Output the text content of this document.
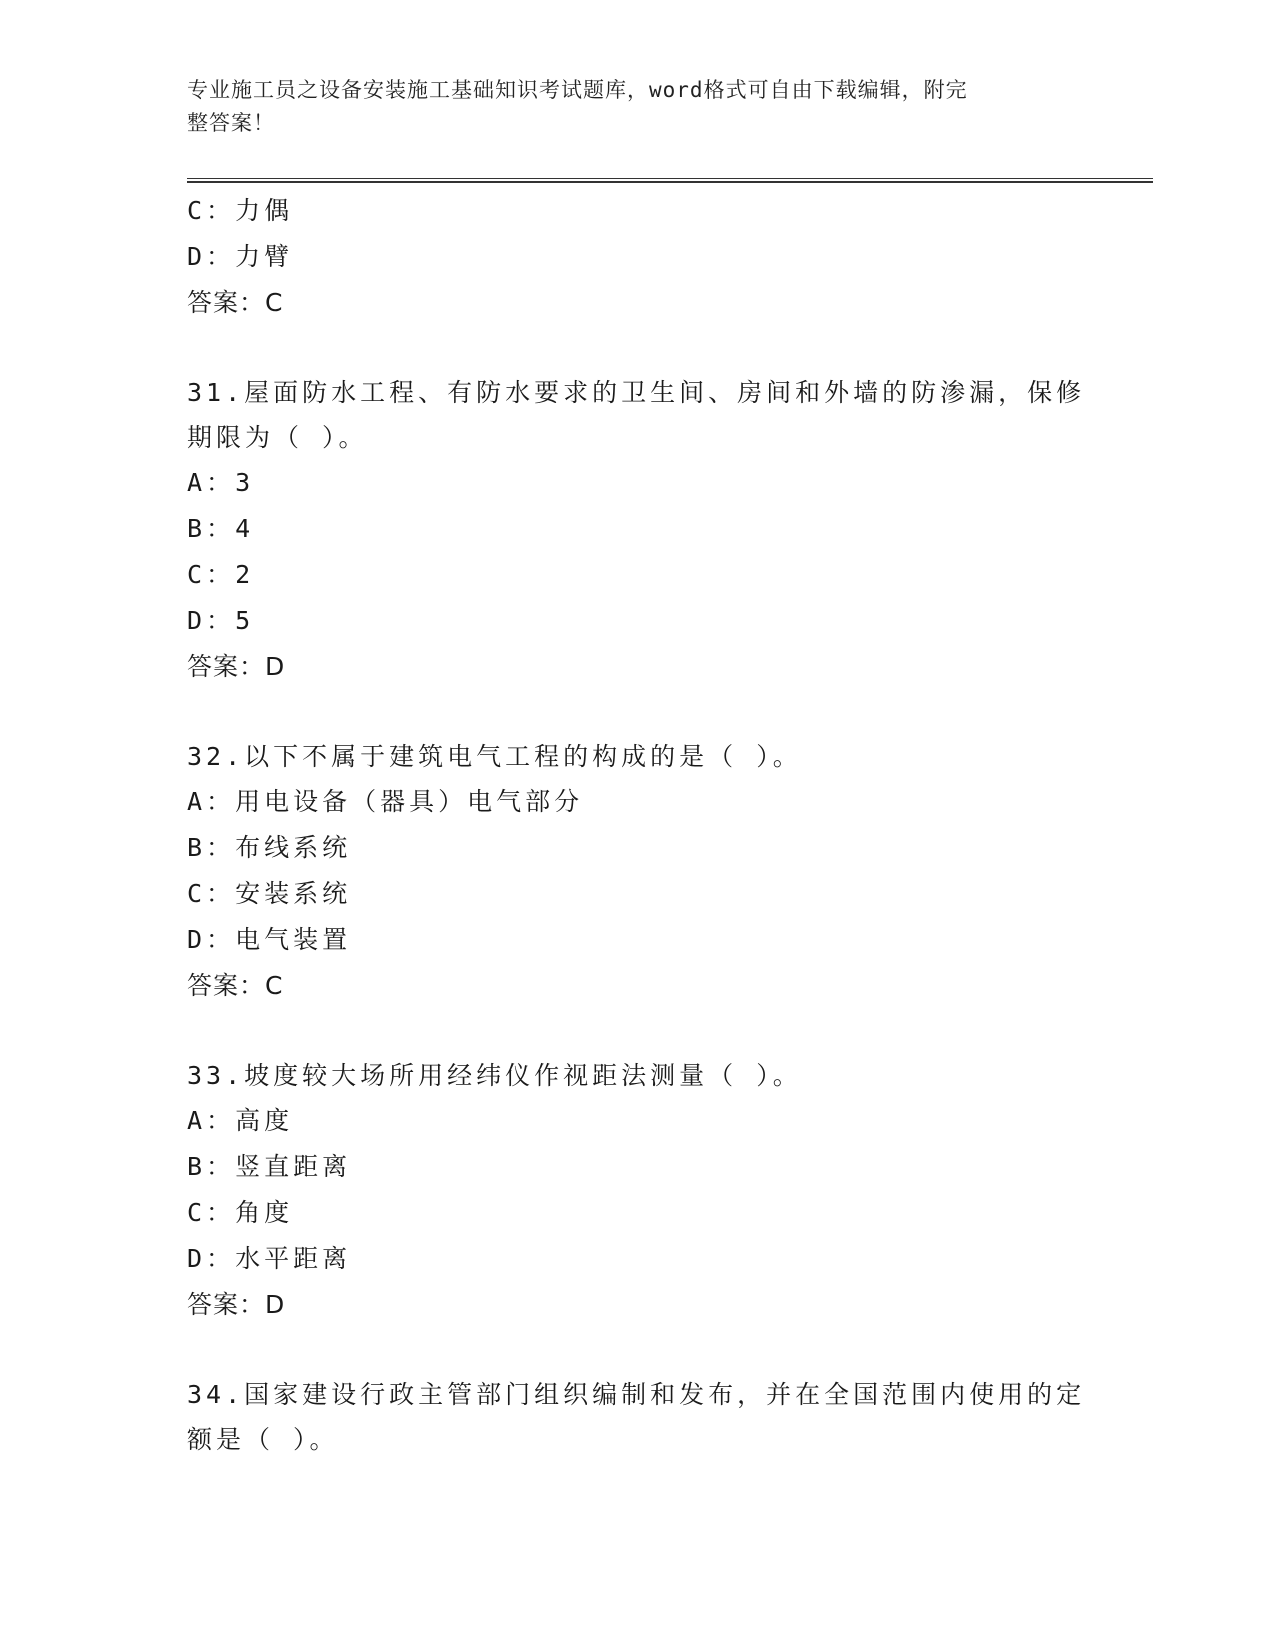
专业施工员之设备安装施工基础知识考试题库，word格式可自由下载编辑，附完
整答案！
C：力偶
D：力臂
答案：C
31.屋面防水工程、有防水要求的卫生间、房间和外墙的防渗漏，保修
期限为（ ）。
A：3
B：4
C：2
D：5
答案：D
32.以下不属于建筑电气工程的构成的是（ ）。
A：用电设备（器具）电气部分
B：布线系统
C：安装系统
D：电气装置
答案：C
33.坡度较大场所用经纬仪作视距法测量（ ）。
A：高度
B：竖直距离
C：角度
D：水平距离
答案：D
34.国家建设行政主管部门组织编制和发布，并在全国范围内使用的定
额是（ ）。
